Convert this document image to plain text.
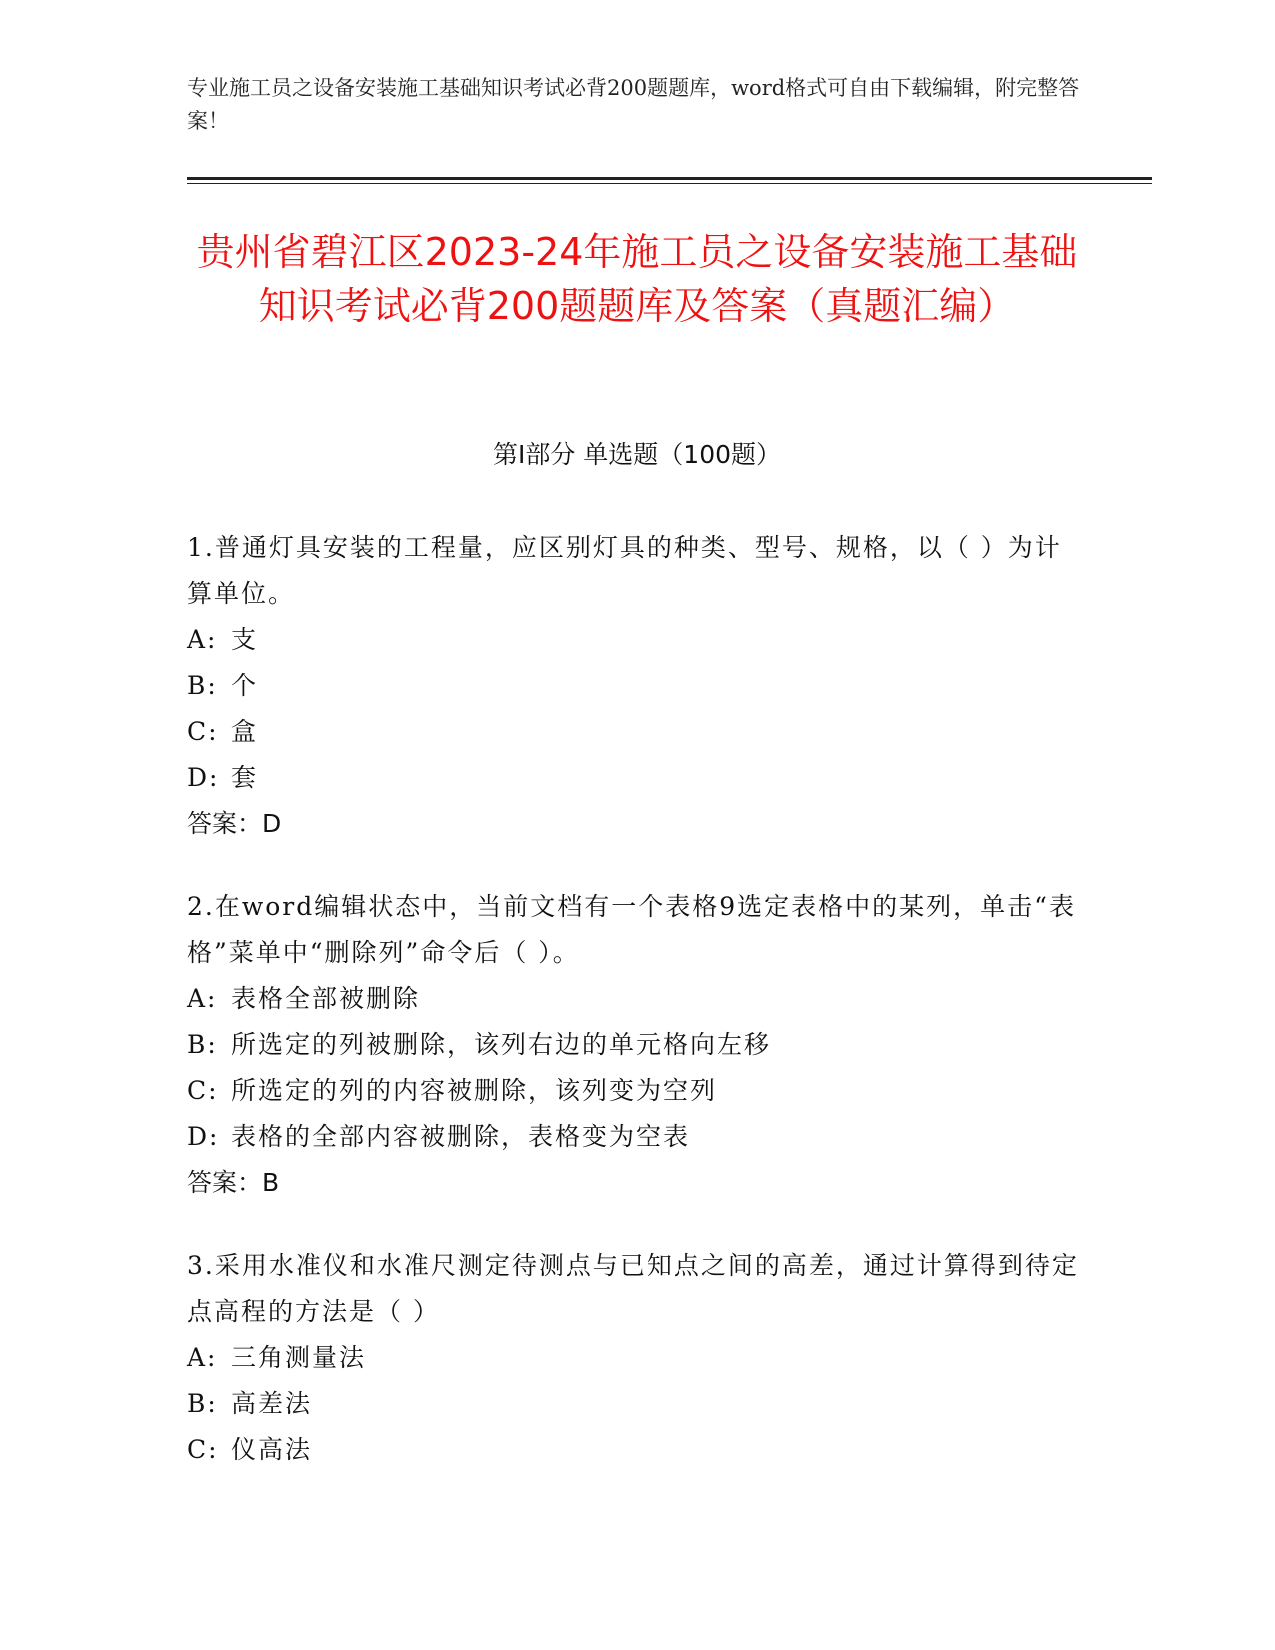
专业施工员之设备安装施工基础知识考试必背200题题库，word格式可自由下载编辑，附完整答案！
贵州省碧江区2023-24年施工员之设备安装施工基础知识考试必背200题题库及答案（真题汇编）
第Ⅰ部分 单选题（100题）

1.普通灯具安装的工程量，应区别灯具的种类、型号、规格，以（ ）为计算单位。

A: 支

B: 个

C: 盒

D: 套

答案：D

2.在word编辑状态中，当前文档有一个表格9选定表格中的某列，单击“表格”菜单中“删除列”命令后（ ）。

A: 表格全部被删除

B: 所选定的列被删除，该列右边的单元格向左移

C: 所选定的列的内容被删除，该列变为空列

D: 表格的全部内容被删除，表格变为空表

答案：B

3.采用水准仪和水准尺测定待测点与已知点之间的高差，通过计算得到待定点高程的方法是（ ）

A: 三角测量法

B: 高差法

C: 仪高法
